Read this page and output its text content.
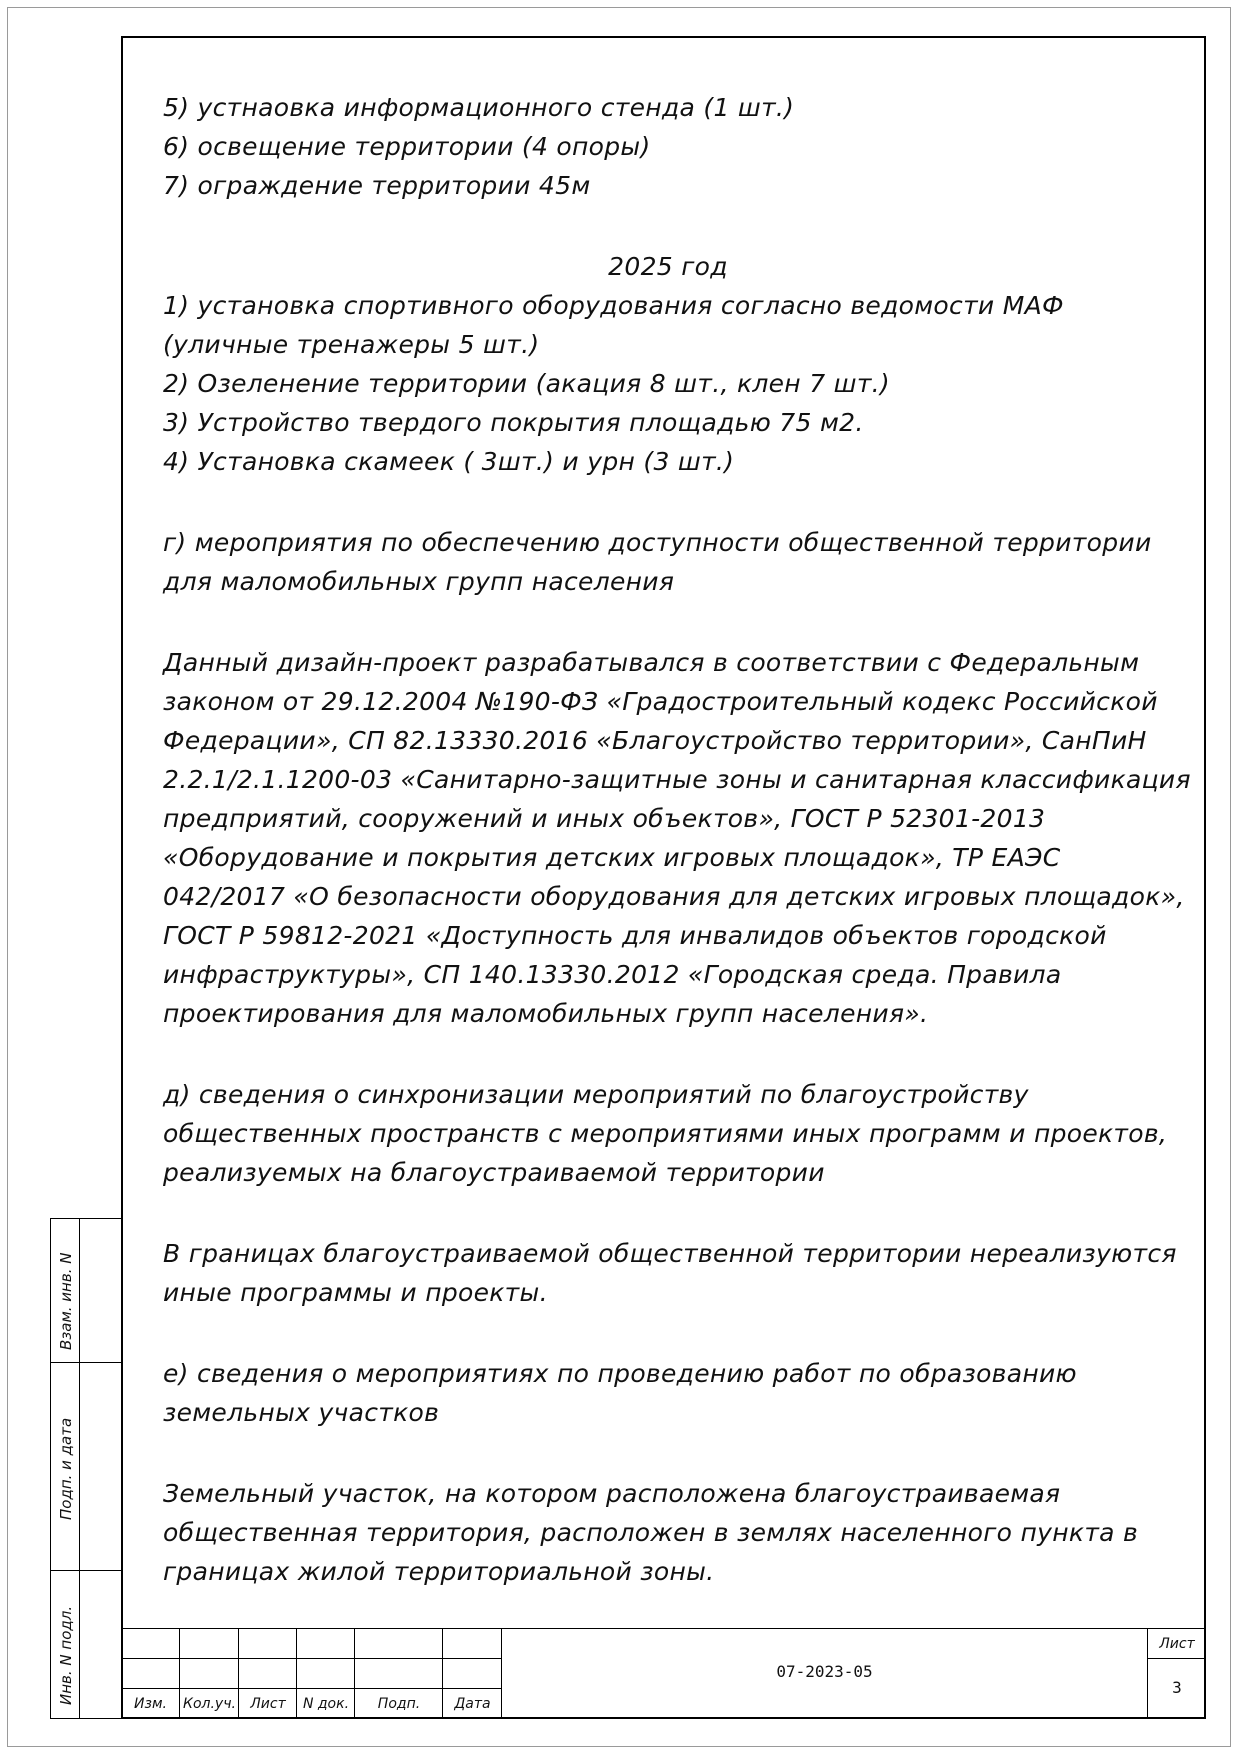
5) устнаовка информационного стенда (1 шт.)
6) освещение территории (4 опоры)
7) ограждение территории 45м
2025 год
1) установка спортивного оборудования согласно ведомости МАФ
(уличные тренажеры 5 шт.)
2) Озеленение территории (акация 8 шт., клен 7 шт.)
3) Устройство твердого покрытия площадью 75 м2.
4) Установка скамеек ( 3шт.) и урн (3 шт.)
г) мероприятия по обеспечению доступности общественной территории
для маломобильных групп населения
Данный дизайн-проект разрабатывался в соответствии с Федеральным
законом от 29.12.2004 №190-ФЗ «Градостроительный кодекс Российской
Федерации», СП 82.13330.2016 «Благоустройство территории», СанПиН
2.2.1/2.1.1200-03 «Санитарно-защитные зоны и санитарная классификация
предприятий, сооружений и иных объектов», ГОСТ Р 52301-2013
«Оборудование и покрытия детских игровых площадок», ТР ЕАЭС
042/2017 «О безопасности оборудования для детских игровых площадок»,
ГОСТ Р 59812-2021 «Доступность для инвалидов объектов городской
инфраструктуры», СП 140.13330.2012 «Городская среда. Правила
проектирования для маломобильных групп населения».
д) сведения о синхронизации мероприятий по благоустройству
общественных пространств с мероприятиями иных программ и проектов,
реализуемых на благоустраиваемой территории
В границах благоустраиваемой общественной территории нереализуются
иные программы и проекты.
е) сведения о мероприятиях по проведению работ по образованию
земельных участков
Земельный участок, на котором расположена благоустраиваемая
общественная территория, расположен в землях населенного пункта в
границах жилой территориальной зоны.
Взам. инв. N
Подп. и дата
Инв. N подл.	Изм.	Кол.уч.	Лист	N док.	Подп.	Дата
07-2023-05
Лист
3
